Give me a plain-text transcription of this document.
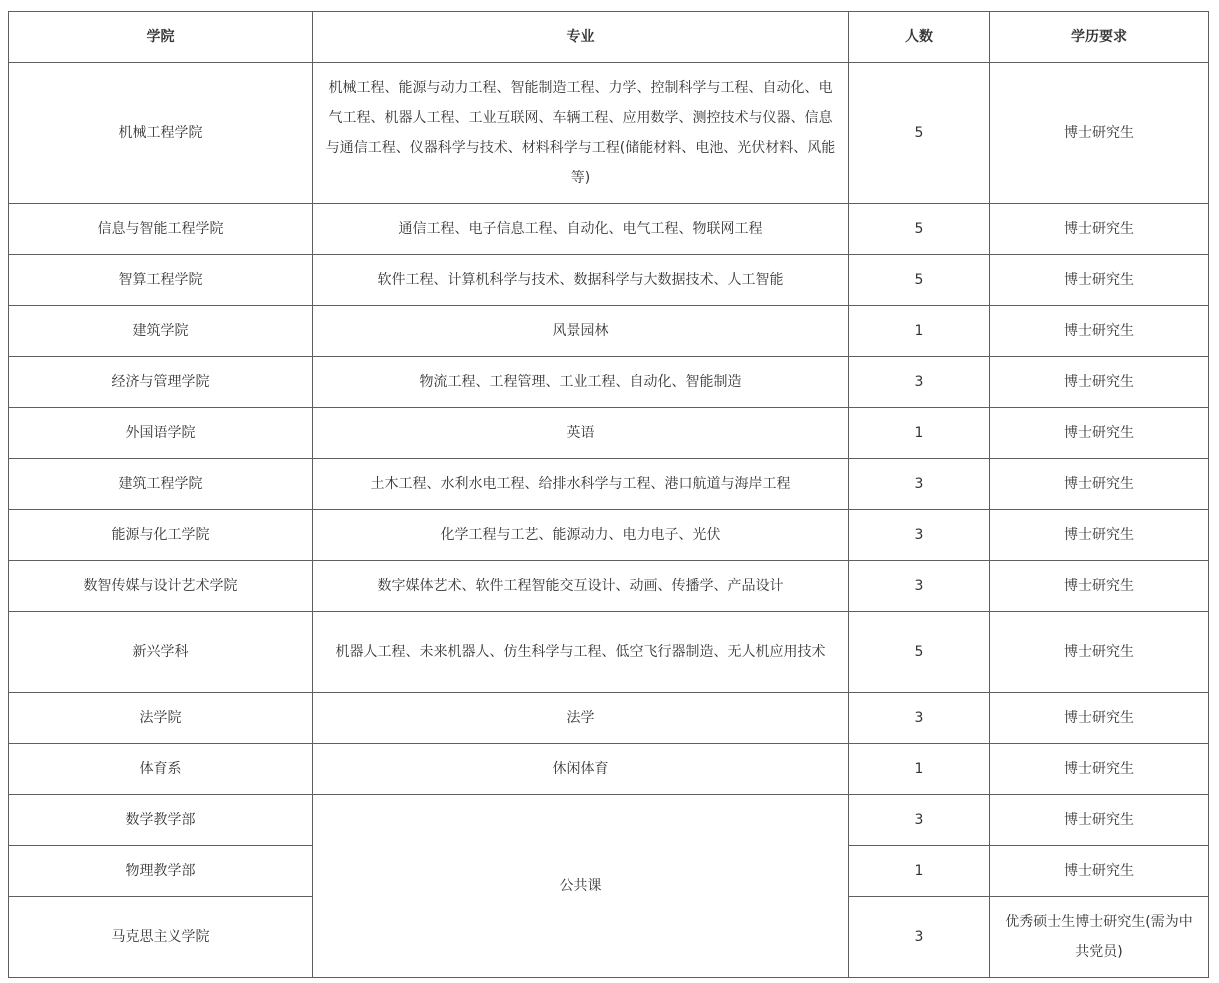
学院	专业	人数	学历要求
机械工程学院	机械工程、能源与动力工程、智能制造工程、力学、控制科学与工程、自动化、电气工程、机器人工程、工业互联网、车辆工程、应用数学、测控技术与仪器、信息与通信工程、仪器科学与技术、材料科学与工程(储能材料、电池、光伏材料、风能等)	5	博士研究生
信息与智能工程学院	通信工程、电子信息工程、自动化、电气工程、物联网工程	5	博士研究生
智算工程学院	软件工程、计算机科学与技术、数据科学与大数据技术、人工智能	5	博士研究生
建筑学院	风景园林	1	博士研究生
经济与管理学院	物流工程、工程管理、工业工程、自动化、智能制造	3	博士研究生
外国语学院	英语	1	博士研究生
建筑工程学院	土木工程、水利水电工程、给排水科学与工程、港口航道与海岸工程	3	博士研究生
能源与化工学院	化学工程与工艺、能源动力、电力电子、光伏	3	博士研究生
数智传媒与设计艺术学院	数字媒体艺术、软件工程智能交互设计、动画、传播学、产品设计	3	博士研究生
新兴学科	机器人工程、未来机器人、仿生科学与工程、低空飞行器制造、无人机应用技术	5	博士研究生
法学院	法学	3	博士研究生
体育系	休闲体育	1	博士研究生
数学教学部	公共课	3	博士研究生
物理教学部		1	博士研究生
马克思主义学院		3	优秀硕士生博士研究生(需为中共党员)
